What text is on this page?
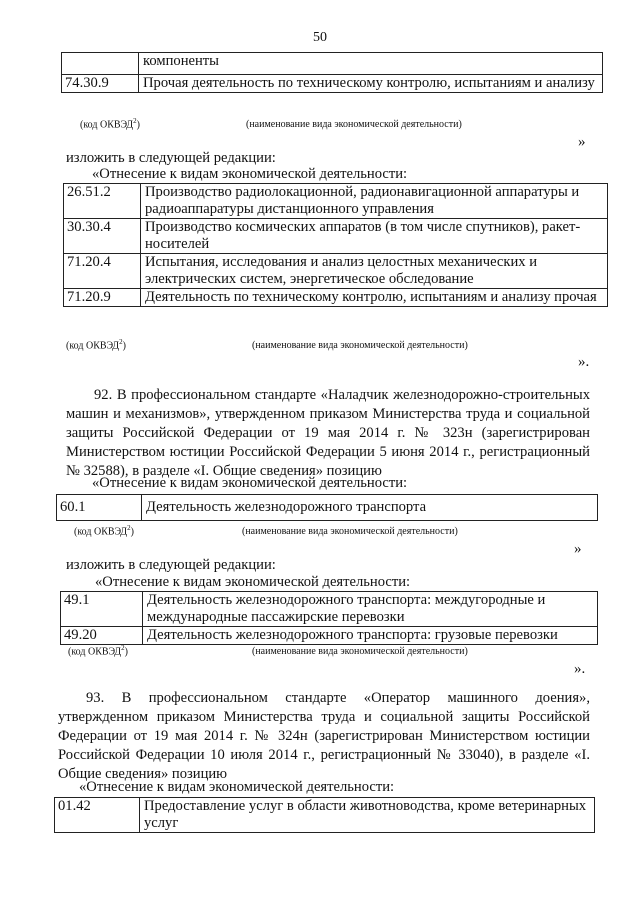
50
	компоненты
74.30.9	Прочая деятельность по техническому контролю, испытаниям и анализу
(код ОКВЭД$^2$)	(наименование вида экономической деятельности)
»
изложить в следующей редакции:
«Отнесение к видам экономической деятельности:
26.51.2	Производство радиолокационной, радионавигационной аппаратуры и радиоаппаратуры дистанционного управления
30.30.4	Производство космических аппаратов (в том числе спутников), ракет-носителей
71.20.4	Испытания, исследования и анализ целостных механических и электрических систем, энергетическое обследование
71.20.9	Деятельность по техническому контролю, испытаниям и анализу прочая
(код ОКВЭД$^2$)	(наименование вида экономической деятельности)
».
92. В профессиональном стандарте «Наладчик железнодорожно-строительных машин и механизмов», утвержденном приказом Министерства труда и социальной защиты Российской Федерации от 19 мая 2014 г. № 323н (зарегистрирован Министерством юстиции Российской Федерации 5 июня 2014 г., регистрационный № 32588), в разделе «I. Общие сведения» позицию
«Отнесение к видам экономической деятельности:
60.1	Деятельность железнодорожного транспорта
(код ОКВЭД$^2$)	(наименование вида экономической деятельности)
»
изложить в следующей редакции:
«Отнесение к видам экономической деятельности:
49.1	Деятельность железнодорожного транспорта: междугородные и международные пассажирские перевозки
49.20	Деятельность железнодорожного транспорта: грузовые перевозки
(код ОКВЭД$^2$)	(наименование вида экономической деятельности)
».
93. В профессиональном стандарте «Оператор машинного доения», утвержденном приказом Министерства труда и социальной защиты Российской Федерации от 19 мая 2014 г. № 324н (зарегистрирован Министерством юстиции Российской Федерации 10 июля 2014 г., регистрационный № 33040), в разделе «I. Общие сведения» позицию
«Отнесение к видам экономической деятельности:
01.42	Предоставление услуг в области животноводства, кроме ветеринарных услуг
